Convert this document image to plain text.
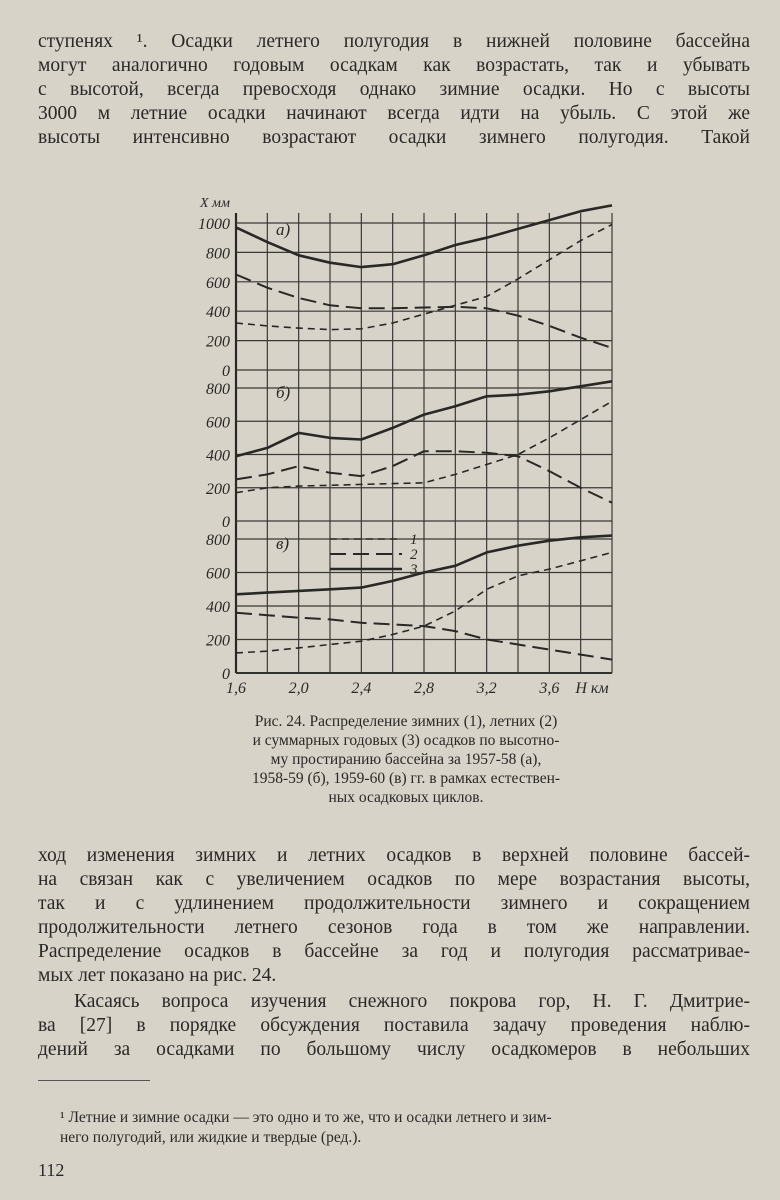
ступенях ¹. Осадки летнего полугодия в нижней половине бассейна
могут аналогично годовым осадкам как возрастать, так и убывать
с высотой, всегда превосходя однако зимние осадки. Но с высоты
3000 м летние осадки начинают всегда идти на убыль. С этой же
высоты интенсивно возрастают осадки зимнего полугодия. Такой
1000
800
600
400
200
0
а)
800
600
400
200
0
б)
800
600
400
200
0
в)
X мм
1,6	2,0	2,4	2,8	3,2	3,6 H км
1
2
3
Рис. 24. Распределение зимних (1), летних (2)
и суммарных годовых (3) осадков по высотно-
му простиранию бассейна за 1957-58 (а),
1958-59 (б), 1959-60 (в) гг. в рамках естествен-
ных осадковых циклов.
ход изменения зимних и летних осадков в верхней половине бассей-
на связан как с увеличением осадков по мере возрастания высоты,
так и с удлинением продолжительности зимнего и сокращением
продолжительности летнего сезонов года в том же направлении.
Распределение осадков в бассейне за год и полугодия рассматривае-
мых лет показано на рис. 24.
Касаясь вопроса изучения снежного покрова гор, Н. Г. Дмитрие-
ва [27] в порядке обсуждения поставила задачу проведения наблю-
дений за осадками по большому числу осадкомеров в небольших
¹ Летние и зимние осадки — это одно и то же, что и осадки летнего и зим-
него полугодий, или жидкие и твердые (ред.).
112
